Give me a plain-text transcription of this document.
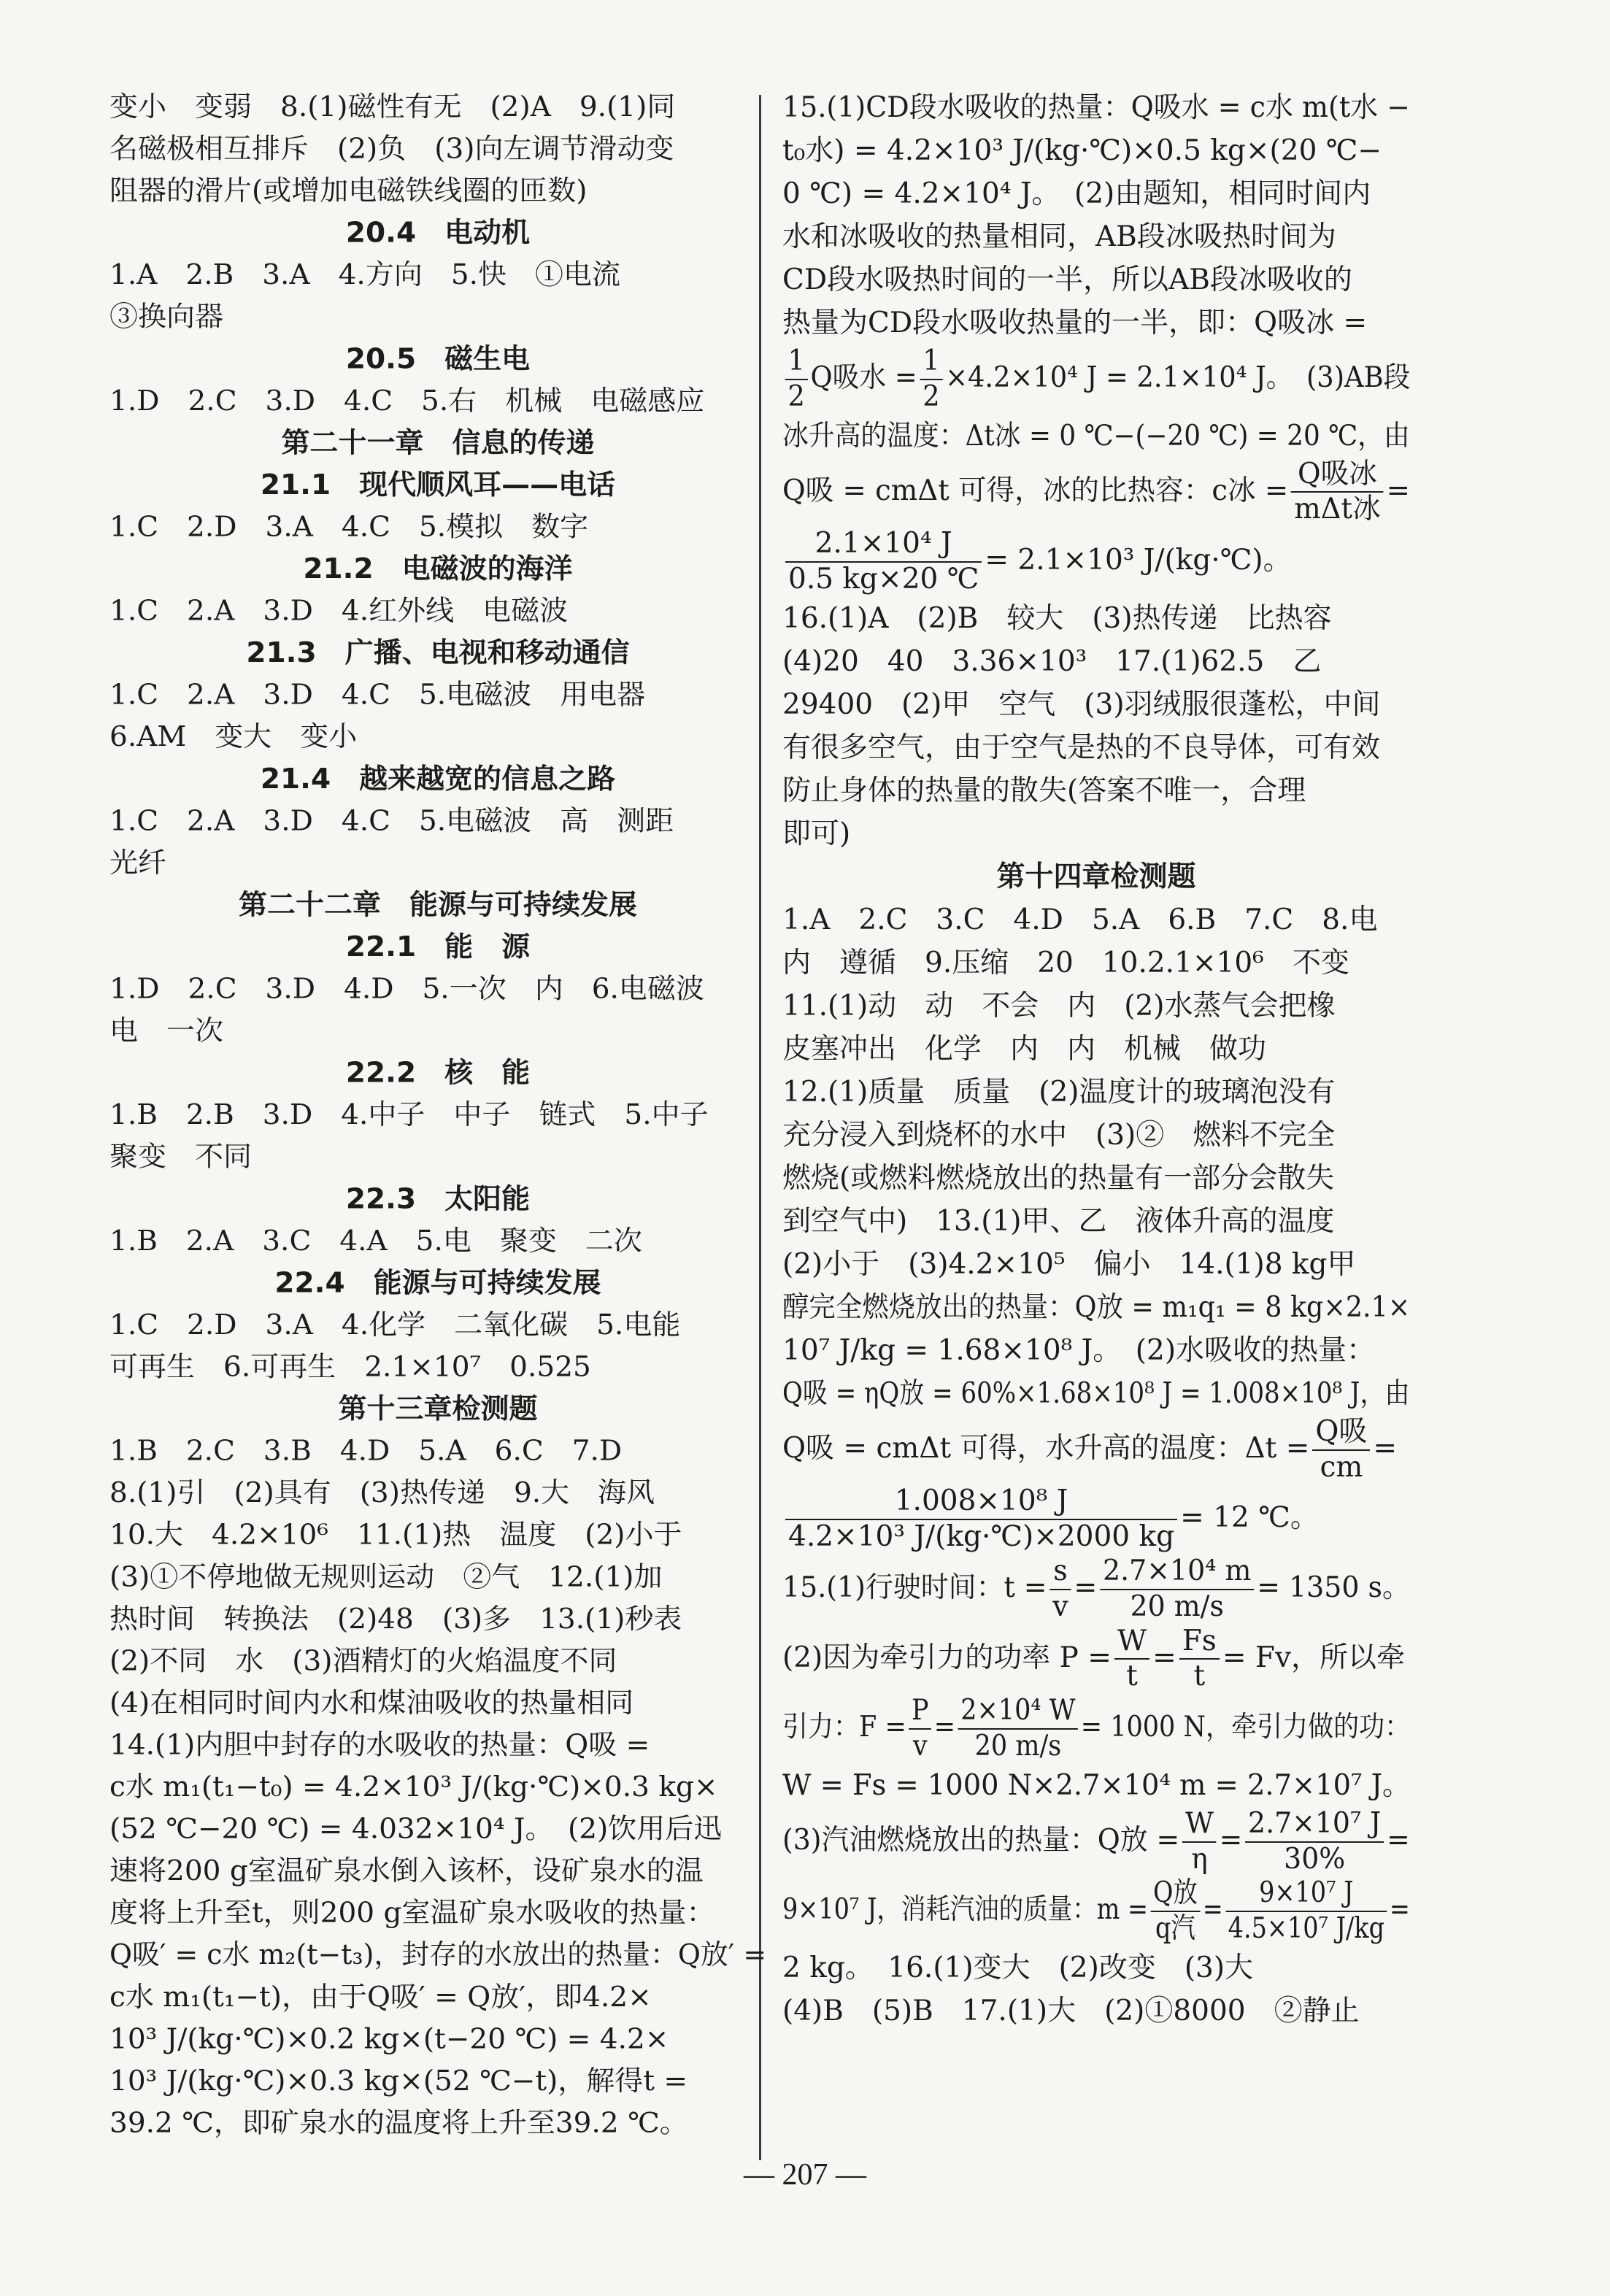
变小　变弱　8.(1)磁性有无　(2)A　9.(1)同
名磁极相互排斥　(2)负　(3)向左调节滑动变
阻器的滑片(或增加电磁铁线圈的匝数)
20.4　电动机
1.A　2.B　3.A　4.方向　5.快　①电流
③换向器
20.5　磁生电
1.D　2.C　3.D　4.C　5.右　机械　电磁感应
第二十一章　信息的传递
21.1　现代顺风耳——电话
1.C　2.D　3.A　4.C　5.模拟　数字
21.2　电磁波的海洋
1.C　2.A　3.D　4.红外线　电磁波
21.3　广播、电视和移动通信
1.C　2.A　3.D　4.C　5.电磁波　用电器
6.AM　变大　变小
21.4　越来越宽的信息之路
1.C　2.A　3.D　4.C　5.电磁波　高　测距
光纤
第二十二章　能源与可持续发展
22.1　能　源
1.D　2.C　3.D　4.D　5.一次　内　6.电磁波
电　一次
22.2　核　能
1.B　2.B　3.D　4.中子　中子　链式　5.中子
聚变　不同
22.3　太阳能
1.B　2.A　3.C　4.A　5.电　聚变　二次
22.4　能源与可持续发展
1.C　2.D　3.A　4.化学　二氧化碳　5.电能
可再生　6.可再生　2.1×10⁷　0.525
第十三章检测题
1.B　2.C　3.B　4.D　5.A　6.C　7.D
8.(1)引　(2)具有　(3)热传递　9.大　海风
10.大　4.2×10⁶　11.(1)热　温度　(2)小于
(3)①不停地做无规则运动　②气　12.(1)加
热时间　转换法　(2)48　(3)多　13.(1)秒表
(2)不同　水　(3)酒精灯的火焰温度不同
(4)在相同时间内水和煤油吸收的热量相同
14.(1)内胆中封存的水吸收的热量：Q吸 =
c水 m₁(t₁−t₀) = 4.2×10³ J/(kg·℃)×0.3 kg×
(52 ℃−20 ℃) = 4.032×10⁴ J。　(2)饮用后迅
速将200 g室温矿泉水倒入该杯，设矿泉水的温
度将上升至t，则200 g室温矿泉水吸收的热量：
Q吸′ = c水 m₂(t−t₃)，封存的水放出的热量：Q放′ =
c水 m₁(t₁−t)，由于Q吸′ = Q放′，即4.2×
10³ J/(kg·℃)×0.2 kg×(t−20 ℃) = 4.2×
10³ J/(kg·℃)×0.3 kg×(52 ℃−t)，解得t =
39.2 ℃，即矿泉水的温度将上升至39.2 ℃。
15.(1)CD段水吸收的热量：Q吸水 = c水 m(t水 −
t₀水) = 4.2×10³ J/(kg·℃)×0.5 kg×(20 ℃−
0 ℃) = 4.2×10⁴ J。　(2)由题知，相同时间内
水和冰吸收的热量相同，AB段冰吸热时间为
CD段水吸热时间的一半，所以AB段冰吸收的
热量为CD段水吸收热量的一半，即：Q吸冰 =
$\frac{1}{2}$ Q吸水 = $\frac{1}{2} \times 4.2\times 10^4$ J = 2.1×10⁴ J。　(3)AB段
冰升高的温度：Δt冰 = 0 ℃−(−20 ℃) = 20 ℃，由
Q吸 = cmΔt 可得，冰的比热容：c冰 = $\frac{\text{Q吸冰}}{\text{mΔt冰}}$ =
$\frac{\text{2.1×10⁴ J}}{0.5 kg\times 20 ℃} = 2.1\times 10^3$ J/(kg·℃)。
16.(1)A　(2)B　较大　(3)热传递　比热容
(4)20　40　3.36×10³　17.(1)62.5　乙
29400　(2)甲　空气　(3)羽绒服很蓬松，中间
有很多空气，由于空气是热的不良导体，可有效
防止身体的热量的散失(答案不唯一，合理
即可)
第十四章检测题
1.A　2.C　3.C　4.D　5.A　6.B　7.C　8.电
内　遵循　9.压缩　20　10.2.1×10⁶　不变
11.(1)动　动　不会　内　(2)水蒸气会把橡
皮塞冲出　化学　内　内　机械　做功
12.(1)质量　质量　(2)温度计的玻璃泡没有
充分浸入到烧杯的水中　(3)②　燃料不完全
燃烧(或燃料燃烧放出的热量有一部分会散失
到空气中)　13.(1)甲、乙　液体升高的温度
(2)小于　(3)4.2×10⁵　偏小　14.(1)8 kg甲
醇完全燃烧放出的热量：Q放 = m₁q₁ = 8 kg×2.1×
10⁷ J/kg = 1.68×10⁸ J。　(2)水吸收的热量：
Q吸 = ηQ放 = 60%×1.68×10⁸ J = 1.008×10⁸ J，由
Q吸 = cmΔt 可得，水升高的温度：$\Delta t = \frac{\text{Q吸}}{cm}$ =
$\frac{\text{1.008×10⁸ J}}{\text{4.2×10³ J/(kg·℃)×2000 kg}} = 12$ ℃。
15.(1)行驶时间：$t = \frac{s}{v} = \frac{\text{2.7×10⁴ m}}{20 m/s} = 1350$ s。
(2)因为牵引力的功率 $P = \frac{W}{t} = \frac{Fs}{t} = Fv$，所以牵
引力：$F = \frac{P}{v} = \frac{\text{2×10⁴ W}}{20 m/s} = 1000$ N，牵引力做的功：
W = Fs = 1000 N×2.7×10⁴ m = 2.7×10⁷ J。
(3)汽油燃烧放出的热量：Q放 = $\frac{W}{\eta} = \frac{\text{2.7×10⁷ J}}{30\%}$ =
9×10⁷ J，消耗汽油的质量：$m = \frac{\text{Q放}}{\text{q汽}} = \frac{\text{9×10⁷ J}}{\text{4.5×10⁷ J/kg}}$ =
2 kg。　16.(1)变大　(2)改变　(3)大
(4)B　(5)B　17.(1)大　(2)①8000　②静止
— 207 —
